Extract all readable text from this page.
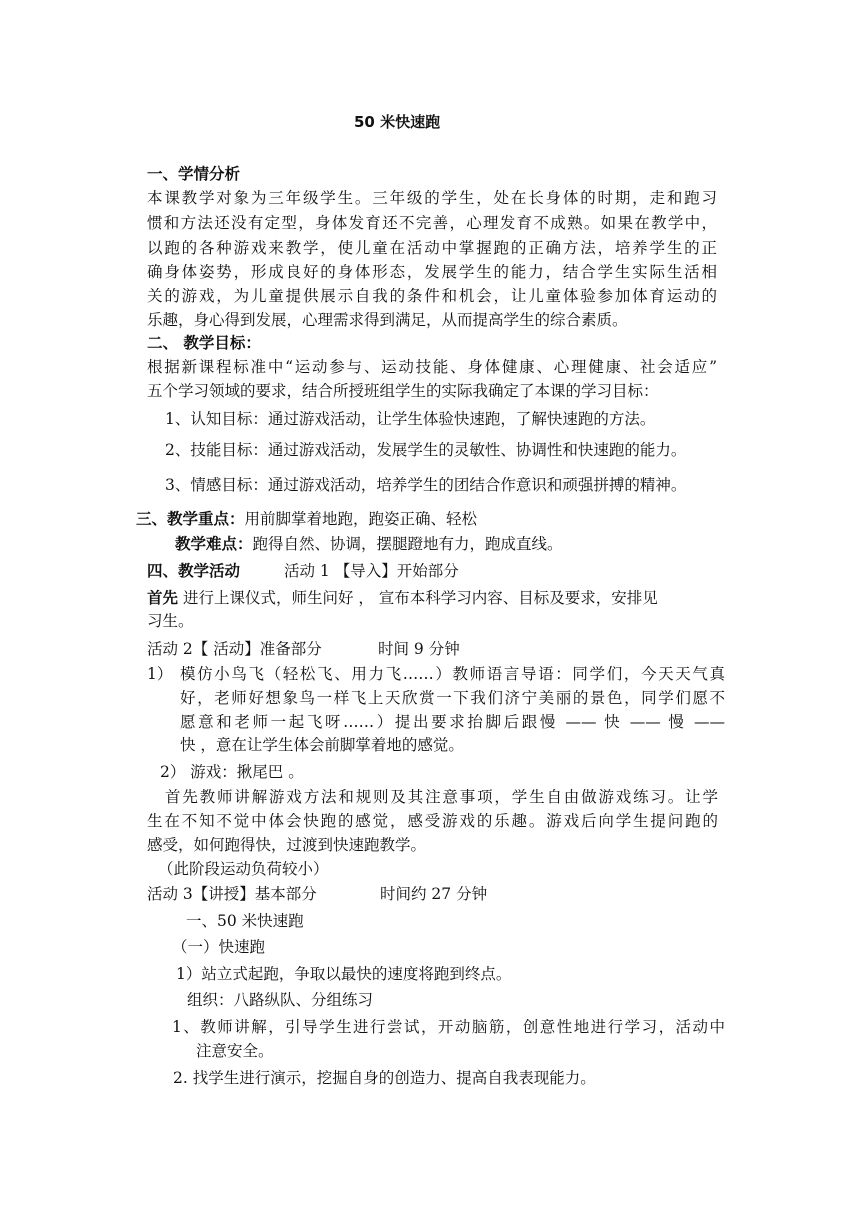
50 米快速跑
一、学情分析
本课教学对象为三年级学生。三年级的学生，处在长身体的时期，走和跑习
惯和方法还没有定型，身体发育还不完善，心理发育不成熟。如果在教学中，
以跑的各种游戏来教学，使儿童在活动中掌握跑的正确方法，培养学生的正
确身体姿势，形成良好的身体形态，发展学生的能力，结合学生实际生活相
关的游戏，为儿童提供展示自我的条件和机会，让儿童体验参加体育运动的
乐趣，身心得到发展，心理需求得到满足，从而提高学生的综合素质。
二、 教学目标：
根据新课程标准中“运动参与、运动技能、身体健康、心理健康、社会适应”
五个学习领域的要求，结合所授班组学生的实际我确定了本课的学习目标：
1、认知目标：通过游戏活动，让学生体验快速跑，了解快速跑的方法。
2、技能目标：通过游戏活动，发展学生的灵敏性、协调性和快速跑的能力。
3、情感目标：通过游戏活动，培养学生的团结合作意识和顽强拼搏的精神。
三、教学重点：用前脚掌着地跑，跑姿正确、轻松
教学难点：跑得自然、协调，摆腿蹬地有力，跑成直线。
四、教学活动	活动 1 【导入】开始部分
首先 进行上课仪式，师生问好 ， 宣布本科学习内容、目标及要求，安排见
习生。
活动 2【 活动】准备部分	时间 9 分钟
1） 模仿小鸟飞（轻松飞、用力飞……）教师语言导语：同学们，今天天气真
好，老师好想象鸟一样飞上天欣赏一下我们济宁美丽的景色，同学们愿不
愿意和老师一起飞呀……）提出要求抬脚后跟慢 —— 快 —— 慢 ——
快 ，意在让学生体会前脚掌着地的感觉。
2） 游戏：揪尾巴 。
首先教师讲解游戏方法和规则及其注意事项，学生自由做游戏练习。让学
生在不知不觉中体会快跑的感觉，感受游戏的乐趣。游戏后向学生提问跑的
感受，如何跑得快，过渡到快速跑教学。
（此阶段运动负荷较小）
活动 3【讲授】基本部分	时间约 27 分钟
一、50 米快速跑
（一）快速跑
1）站立式起跑，争取以最快的速度将跑到终点。
组织：八路纵队、分组练习
1、教师讲解，引导学生进行尝试，开动脑筋，创意性地进行学习，活动中
注意安全。
2. 找学生进行演示，挖掘自身的创造力、提高自我表现能力。
